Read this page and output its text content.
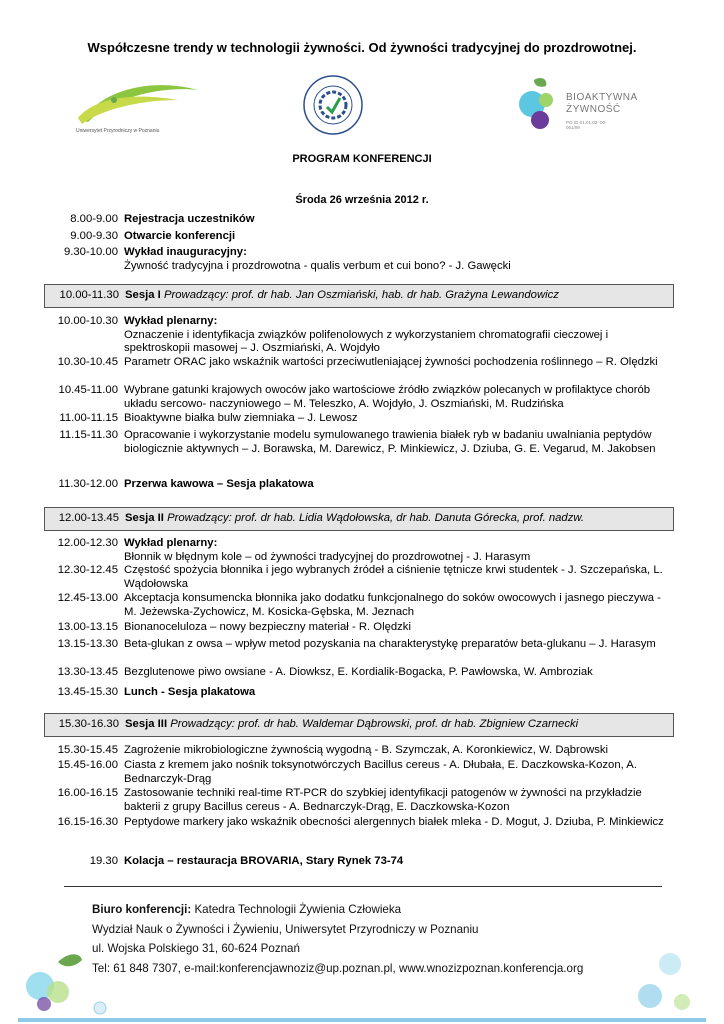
Współczesne trendy w technologii żywności. Od żywności tradycyjnej do prozdrowotnej.
Uniwersytet Przyrodniczy w Poznaniu
BIOAKTYWNA
ŻYWNOŚĆ
PO IG 01.01.02- 00-061/09
PROGRAM KONFERENCJI
Środa 26 września 2012 r.
8.00-9.00 Rejestracja uczestników
9.00-9.30 Otwarcie konferencji
9.30-10.00 Wykład inauguracyjny:
Żywność tradycyjna i prozdrowotna - qualis verbum et cui bono? - J. Gawęcki
10.00-11.30 Sesja I Prowadzący: prof. dr hab. Jan Oszmiański, hab. dr hab. Grażyna Lewandowicz
10.00-10.30 Wykład plenarny:
Oznaczenie i identyfikacja związków polifenolowych z wykorzystaniem chromatografii cieczowej i spektroskopii masowej – J. Oszmiański, A. Wojdyło
10.30-10.45 Parametr ORAC jako wskaźnik wartości przeciwutleniającej żywności pochodzenia roślinnego – R. Olędzki
10.45-11.00 Wybrane gatunki krajowych owoców jako wartościowe źródło związków polecanych w profilaktyce chorób układu sercowo- naczyniowego – M. Teleszko, A. Wojdyło, J. Oszmiański, M. Rudzińska
11.00-11.15 Bioaktywne białka bulw ziemniaka – J. Lewosz
11.15-11.30 Opracowanie i wykorzystanie modelu symulowanego trawienia białek ryb w badaniu uwalniania peptydów biologicznie aktywnych – J. Borawska, M. Darewicz, P. Minkiewicz, J. Dziuba, G. E. Vegarud, M. Jakobsen
11.30-12.00 Przerwa kawowa – Sesja plakatowa
12.00-13.45 Sesja II Prowadzący: prof. dr hab. Lidia Wądołowska, dr hab. Danuta Górecka, prof. nadzw.
12.00-12.30 Wykład plenarny:
Błonnik w błędnym kole – od żywności tradycyjnej do prozdrowotnej - J. Harasym
12.30-12.45 Częstość spożycia błonnika i jego wybranych źródeł a ciśnienie tętnicze krwi studentek - J. Szczepańska, L. Wądołowska
12.45-13.00 Akceptacja konsumencka błonnika jako dodatku funkcjonalnego do soków owocowych i jasnego pieczywa - M. Jeżewska-Zychowicz, M. Kosicka-Gębska, M. Jeznach
13.00-13.15 Bionanoceluloza – nowy bezpieczny materiał - R. Olędzki
13.15-13.30 Beta-glukan z owsa – wpływ metod pozyskania na charakterystykę preparatów beta-glukanu – J. Harasym
13.30-13.45 Bezglutenowe piwo owsiane - A. Diowksz, E. Kordialik-Bogacka, P. Pawłowska, W. Ambroziak
13.45-15.30 Lunch - Sesja plakatowa
15.30-16.30 Sesja III Prowadzący: prof. dr hab. Waldemar Dąbrowski, prof. dr hab. Zbigniew Czarnecki
15.30-15.45 Zagrożenie mikrobiologiczne żywnością wygodną - B. Szymczak, A. Koronkiewicz, W. Dąbrowski
15.45-16.00 Ciasta z kremem jako nośnik toksynotwórczych Bacillus cereus - A. Dłubała, E. Daczkowska-Kozon, A. Bednarczyk-Drąg
16.00-16.15 Zastosowanie techniki real-time RT-PCR do szybkiej identyfikacji patogenów w żywności na przykładzie bakterii z grupy Bacillus cereus - A. Bednarczyk-Drąg, E. Daczkowska-Kozon
16.15-16.30 Peptydowe markery jako wskaźnik obecności alergennych białek mleka - D. Mogut, J. Dziuba, P. Minkiewicz
19.30 Kolacja – restauracja BROVARIA, Stary Rynek 73-74
Biuro konferencji: Katedra Technologii Żywienia Człowieka
Wydział Nauk o Żywności i Żywieniu, Uniwersytet Przyrodniczy w Poznaniu
ul. Wojska Polskiego 31, 60-624 Poznań
Tel: 61 848 7307, e-mail:konferencjawnoziz@up.poznan.pl, www.wnozizpoznan.konferencja.org
